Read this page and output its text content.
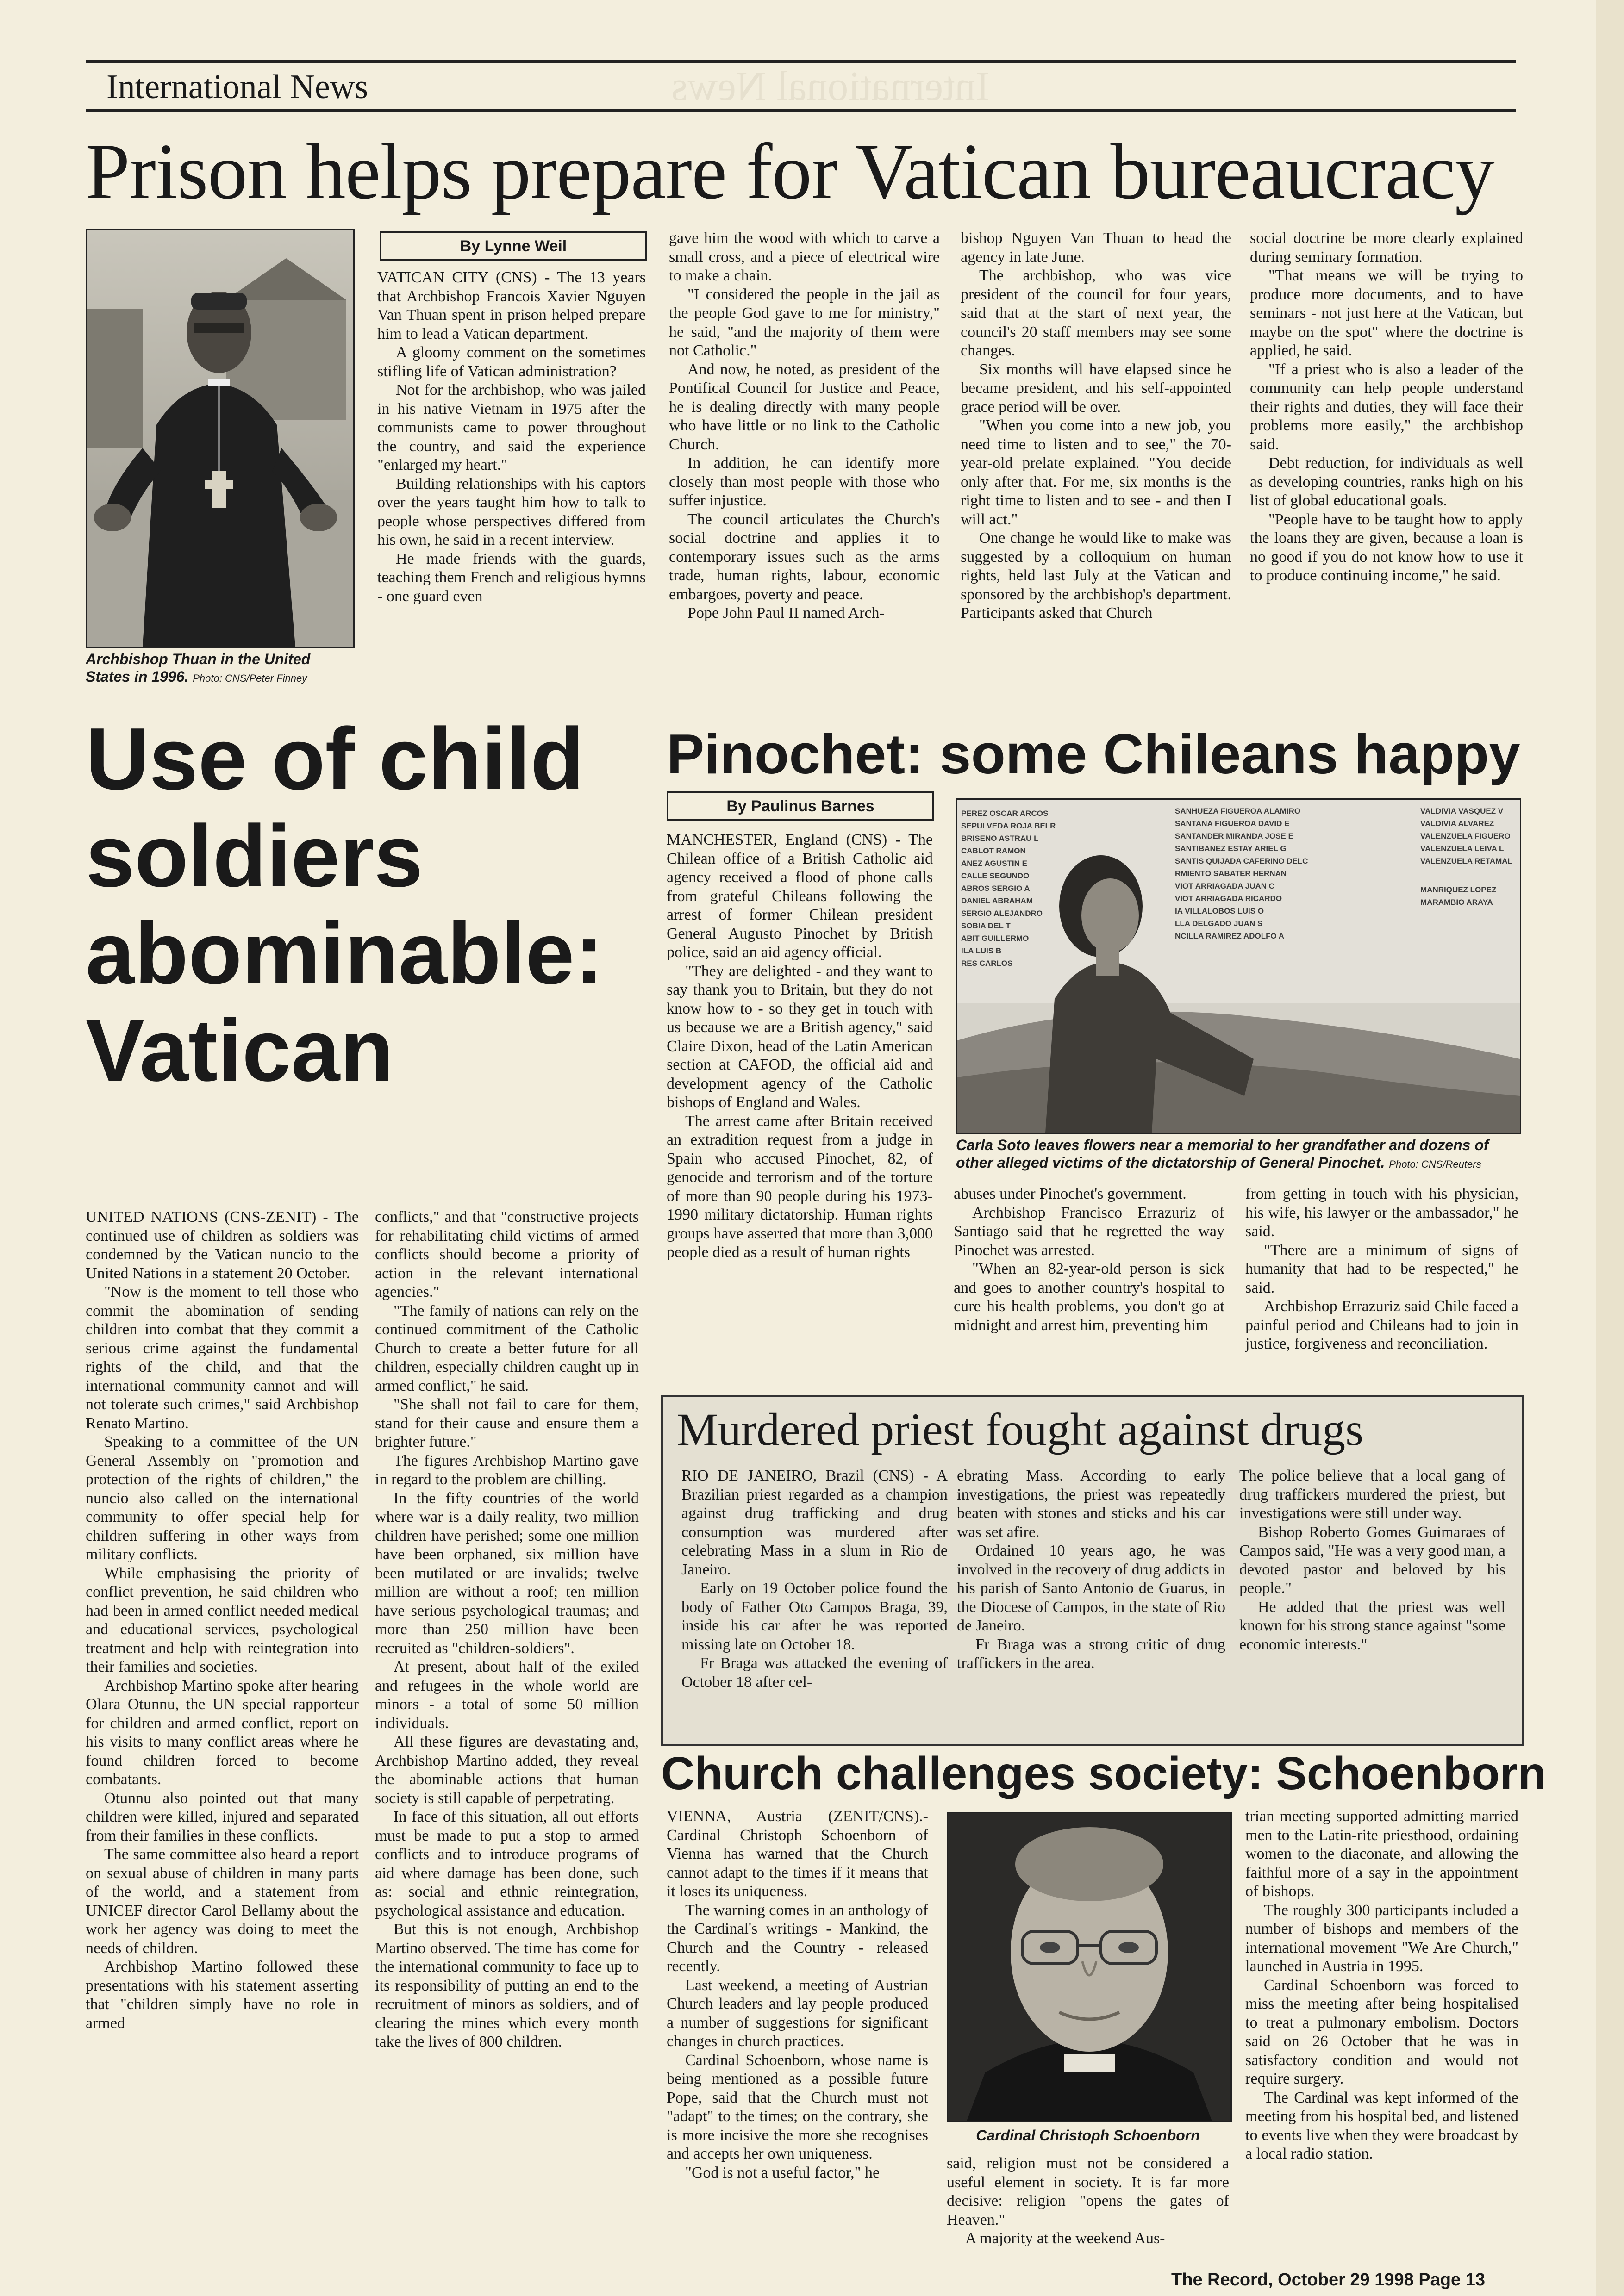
International News
International News
Prison helps prepare for Vatican bureaucracy
Archbishop Thuan in the United States in 1996. Photo: CNS/Peter Finney
By Lynne Weil

VATICAN CITY (CNS) - The 13 years that Archbishop Francois Xavier Nguyen Van Thuan spent in prison helped prepare him to lead a Vatican department.

A gloomy comment on the sometimes stifling life of Vatican administration?

Not for the archbishop, who was jailed in his native Vietnam in 1975 after the communists came to power throughout the country, and said the experience "enlarged my heart."

Building relationships with his captors over the years taught him how to talk to people whose perspectives differed from his own, he said in a recent interview.

He made friends with the guards, teaching them French and religious hymns - one guard even

gave him the wood with which to carve a small cross, and a piece of electrical wire to make a chain.

"I considered the people in the jail as the people God gave to me for ministry," he said, "and the majority of them were not Catholic."

And now, he noted, as president of the Pontifical Council for Justice and Peace, he is dealing directly with many people who have little or no link to the Catholic Church.

In addition, he can identify more closely than most people with those who suffer injustice.

The council articulates the Church's social doctrine and applies it to contemporary issues such as the arms trade, human rights, labour, economic embargoes, poverty and peace.

Pope John Paul II named Arch-

bishop Nguyen Van Thuan to head the agency in late June.

The archbishop, who was vice president of the council for four years, said that at the start of next year, the council's 20 staff members may see some changes.

Six months will have elapsed since he became president, and his self-appointed grace period will be over.

"When you come into a new job, you need time to listen and to see," the 70-year-old prelate explained. "You decide only after that. For me, six months is the right time to listen and to see - and then I will act."

One change he would like to make was suggested by a colloquium on human rights, held last July at the Vatican and sponsored by the archbishop's department. Participants asked that Church

social doctrine be more clearly explained during seminary formation.

"That means we will be trying to produce more documents, and to have seminars - not just here at the Vatican, but maybe on the spot" where the doctrine is applied, he said.

"If a priest who is also a leader of the community can help people understand their rights and duties, they will face their problems more easily," the archbishop said.

Debt reduction, for individuals as well as developing countries, ranks high on his list of global educational goals.

"People have to be taught how to apply the loans they are given, because a loan is no good if you do not know how to use it to produce continuing income," he said.

Use of child
soldiers
abominable:
Vatican

UNITED NATIONS (CNS-ZENIT) - The continued use of children as soldiers was condemned by the Vatican nuncio to the United Nations in a statement 20 October.

"Now is the moment to tell those who commit the abomination of sending children into combat that they commit a serious crime against the fundamental rights of the child, and that the international community cannot and will not tolerate such crimes," said Archbishop Renato Martino.

Speaking to a committee of the UN General Assembly on "promotion and protection of the rights of children," the nuncio also called on the international community to offer special help for children suffering in other ways from military conflicts.

While emphasising the priority of conflict prevention, he said children who had been in armed conflict needed medical and educational services, psychological treatment and help with reintegration into their families and societies.

Archbishop Martino spoke after hearing Olara Otunnu, the UN special rapporteur for children and armed conflict, report on his visits to many conflict areas where he found children forced to become combatants.

Otunnu also pointed out that many children were killed, injured and separated from their families in these conflicts.

The same committee also heard a report on sexual abuse of children in many parts of the world, and a statement from UNICEF director Carol Bellamy about the work her agency was doing to meet the needs of children.

Archbishop Martino followed these presentations with his statement asserting that "children simply have no role in armed

conflicts," and that "constructive projects for rehabilitating child victims of armed conflicts should become a priority of action in the relevant international agencies."

"The family of nations can rely on the continued commitment of the Catholic Church to create a better future for all children, especially children caught up in armed conflict," he said.

"She shall not fail to care for them, stand for their cause and ensure them a brighter future."

The figures Archbishop Martino gave in regard to the problem are chilling.

In the fifty countries of the world where war is a daily reality, two million children have perished; some one million have been orphaned, six million have been mutilated or are invalids; twelve million are without a roof; ten million have serious psychological traumas; and more than 250 million have been recruited as "children-soldiers".

At present, about half of the exiled and refugees in the whole world are minors - a total of some 50 million individuals.

All these figures are devastating and, Archbishop Martino added, they reveal the abominable actions that human society is still capable of perpetrating.

In face of this situation, all out efforts must be made to put a stop to armed conflicts and to introduce programs of aid where damage has been done, such as: social and ethnic reintegration, psychological assistance and education.

But this is not enough, Archbishop Martino observed. The time has come for the international community to face up to its responsibility of putting an end to the recruitment of minors as soldiers, and of clearing the mines which every month take the lives of 800 children.

Pinochet: some Chileans happy
By Paulinus Barnes

MANCHESTER, England (CNS) - The Chilean office of a British Catholic aid agency received a flood of phone calls from grateful Chileans following the arrest of former Chilean president General Augusto Pinochet by British police, said an aid agency official.

"They are delighted - and they want to say thank you to Britain, but they do not know how to - so they get in touch with us because we are a British agency," said Claire Dixon, head of the Latin American section at CAFOD, the official aid and development agency of the Catholic bishops of England and Wales.

The arrest came after Britain received an extradition request from a judge in Spain who accused Pinochet, 82, of genocide and terrorism and of the torture of more than 90 people during his 1973-1990 military dictatorship. Human rights groups have asserted that more than 3,000 people died as a result of human rights

PEREZ OSCAR ARCOS
SEPULVEDA ROJA BELR
BRISENO ASTRAU L
CABLOT RAMON
ANEZ AGUSTIN E
CALLE SEGUNDO
ABROS SERGIO A
DANIEL ABRAHAM
SERGIO ALEJANDRO
SOBIA DEL T
ABIT GUILLERMO
ILA LUIS B
RES CARLOS
SANHUEZA FIGUEROA ALAMIRO
SANTANA FIGUEROA DAVID E
SANTANDER MIRANDA JOSE E
SANTIBANEZ ESTAY ARIEL G
SANTIS QUIJADA CAFERINO DELC
RMIENTO SABATER HERNAN
VIOT ARRIAGADA JUAN C
VIOT ARRIAGADA RICARDO
IA VILLALOBOS LUIS O
LLA DELGADO JUAN S
NCILLA RAMIREZ ADOLFO A
VALDIVIA VASQUEZ V
VALDIVIA ALVAREZ
VALENZUELA FIGUERO
VALENZUELA LEIVA L
VALENZUELA RETAMAL
MANRIQUEZ LOPEZ
MARAMBIO ARAYA
Carla Soto leaves flowers near a memorial to her grandfather and dozens of other alleged victims of the dictatorship of General Pinochet. Photo: CNS/Reuters

abuses under Pinochet's government.

Archbishop Francisco Errazuriz of Santiago said that he regretted the way Pinochet was arrested.

"When an 82-year-old person is sick and goes to another country's hospital to cure his health problems, you don't go at midnight and arrest him, preventing him

from getting in touch with his physician, his wife, his lawyer or the ambassador," he said.

"There are a minimum of signs of humanity that had to be respected," he said.

Archbishop Errazuriz said Chile faced a painful period and Chileans had to join in justice, forgiveness and reconciliation.

Murdered priest fought against drugs

RIO DE JANEIRO, Brazil (CNS) - A Brazilian priest regarded as a champion against drug trafficking and drug consumption was murdered after celebrating Mass in a slum in Rio de Janeiro.

Early on 19 October police found the body of Father Oto Campos Braga, 39, inside his car after he was reported missing late on October 18.

Fr Braga was attacked the evening of October 18 after cel-

ebrating Mass. According to early investigations, the priest was repeatedly beaten with stones and sticks and his car was set afire.

Ordained 10 years ago, he was involved in the recovery of drug addicts in his parish of Santo Antonio de Guarus, in the Diocese of Campos, in the state of Rio de Janeiro.

Fr Braga was a strong critic of drug traffickers in the area.

The police believe that a local gang of drug traffickers murdered the priest, but investigations were still under way.

Bishop Roberto Gomes Guimaraes of Campos said, "He was a very good man, a devoted pastor and beloved by his people."

He added that the priest was well known for his strong stance against "some economic interests."

Church challenges society: Schoenborn

VIENNA, Austria (ZENIT/CNS).- Cardinal Christoph Schoenborn of Vienna has warned that the Church cannot adapt to the times if it means that it loses its uniqueness.

The warning comes in an anthology of the Cardinal's writings - Mankind, the Church and the Country - released recently.

Last weekend, a meeting of Austrian Church leaders and lay people produced a number of suggestions for significant changes in church practices.

Cardinal Schoenborn, whose name is being mentioned as a possible future Pope, said that the Church must not "adapt" to the times; on the contrary, she is more incisive the more she recognises and accepts her own uniqueness.

"God is not a useful factor," he

Cardinal Christoph Schoenborn

said, religion must not be considered a useful element in society. It is far more decisive: religion "opens the gates of Heaven."

A majority at the weekend Aus-

trian meeting supported admitting married men to the Latin-rite priesthood, ordaining women to the diaconate, and allowing the faithful more of a say in the appointment of bishops.

The roughly 300 participants included a number of bishops and members of the international movement "We Are Church," launched in Austria in 1995.

Cardinal Schoenborn was forced to miss the meeting after being hospitalised to treat a pulmonary embolism. Doctors said on 26 October that he was in satisfactory condition and would not require surgery.

The Cardinal was kept informed of the meeting from his hospital bed, and listened to events live when they were broadcast by a local radio station.

The Record, October 29 1998 Page 13
